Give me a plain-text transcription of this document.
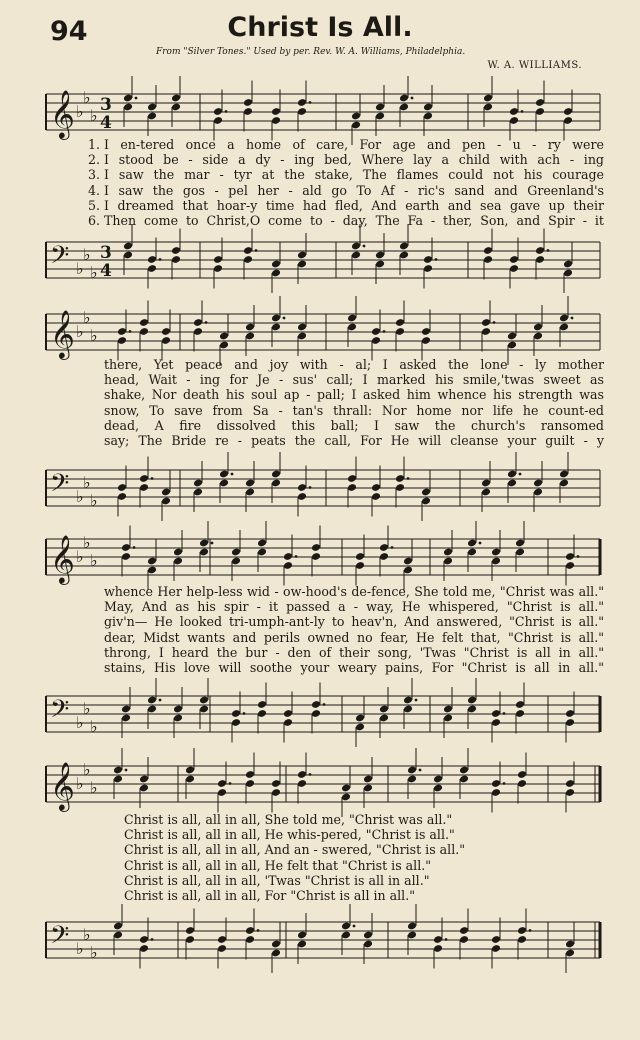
94	Christ Is All.
From "Silver Tones." Used by per. Rev. W. A. Williams, Philadelphia.
W. A. WILLIAMS.
𝄞 ♭
♭
♭
3
4
1. I en-tered once a home of care, For age and pen - u - ry were
2. I stood be - side a dy - ing bed, Where lay a child with ach - ing
3. I saw the mar - tyr at the stake, The flames could not his courage
4. I saw the gos - pel her - ald go To Af - ric's sand and Greenland's
5. I dreamed that hoar-y time had fled, And earth and sea gave up their
6. Then come to Christ,O come to - day, The Fa - ther, Son, and Spir - it
𝄢 ♭
♭
♭
3
4
𝄞 ♭
♭
♭
there, Yet peace and joy with - al; I asked the lone - ly mother
head, Wait - ing for Je - sus' call; I marked his smile,'twas sweet as
shake, Nor death his soul ap - pall; I asked him whence his strength was
snow, To save from Sa - tan's thrall: Nor home nor life he count-ed
dead, A fire dissolved this ball; I saw the church's ransomed
say; The Bride re - peats the call, For He will cleanse your guilt - y
𝄢 ♭
♭
♭
𝄞 ♭
♭
♭
whence Her help-less wid - ow-hood's de-fence, She told me, "Christ was all."
May, And as his spir - it passed a - way, He whispered, "Christ is all."
giv'n— He looked tri-umph-ant-ly to heav'n, And answered, "Christ is all."
dear, Midst wants and perils owned no fear, He felt that, "Christ is all."
throng, I heard the bur - den of their song, 'Twas "Christ is all in all."
stains, His love will soothe your weary pains, For "Christ is all in all."
𝄢 ♭
♭
♭
𝄞 ♭
♭
♭
Christ is all, all in all, She told me, "Christ was all."
Christ is all, all in all, He whis-pered, "Christ is all."
Christ is all, all in all, And an - swered, "Christ is all."
Christ is all, all in all, He felt that "Christ is all."
Christ is all, all in all, 'Twas "Christ is all in all."
Christ is all, all in all, For "Christ is all in all."
𝄢 ♭
♭
♭
